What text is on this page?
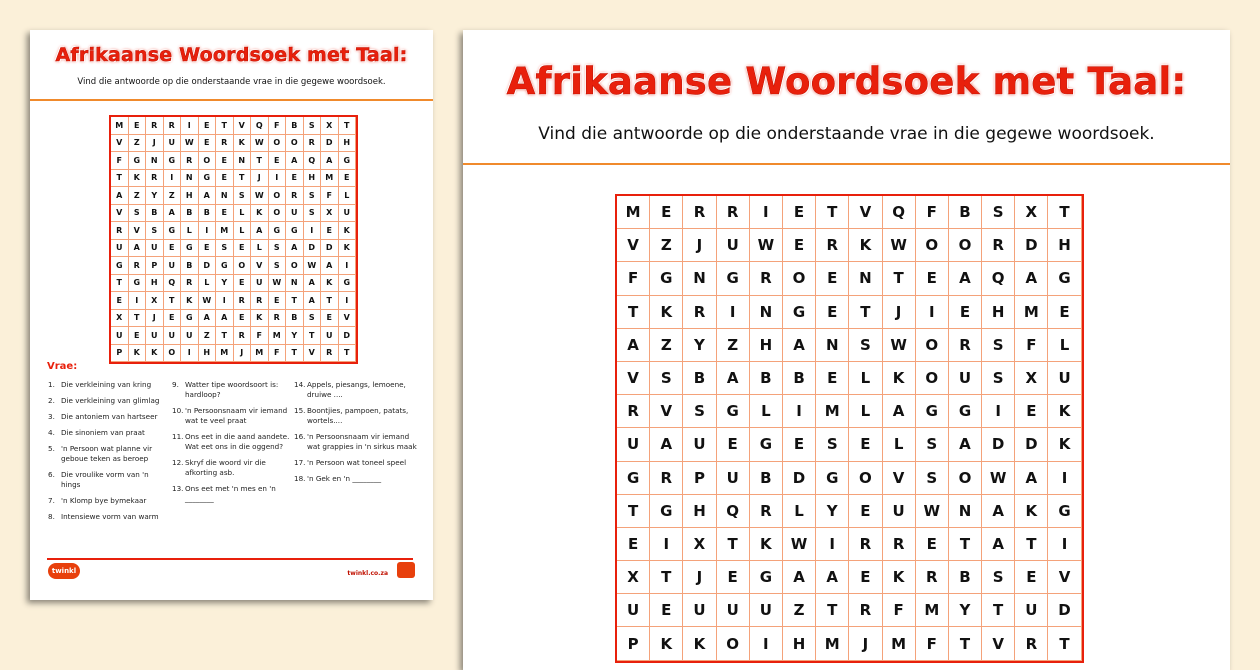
Afrikaanse Woordsoek met Taal:
Vind die antwoorde op die onderstaande vrae in die gegewe woordsoek.
M	E	R	R	I	E	T	V	Q	F	B	S	X	T
V	Z	J	U	W	E	R	K	W	O	O	R	D	H
F	G	N	G	R	O	E	N	T	E	A	Q	A	G
T	K	R	I	N	G	E	T	J	I	E	H	M	E
A	Z	Y	Z	H	A	N	S	W	O	R	S	F	L
V	S	B	A	B	B	E	L	K	O	U	S	X	U
R	V	S	G	L	I	M	L	A	G	G	I	E	K
U	A	U	E	G	E	S	E	L	S	A	D	D	K
G	R	P	U	B	D	G	O	V	S	O	W	A	I
T	G	H	Q	R	L	Y	E	U	W	N	A	K	G
E	I	X	T	K	W	I	R	R	E	T	A	T	I
X	T	J	E	G	A	A	E	K	R	B	S	E	V
U	E	U	U	U	Z	T	R	F	M	Y	T	U	D
P	K	K	O	I	H	M	J	M	F	T	V	R	T
Vrae:
1. Die verkleining van kring
2. Die verkleining van glimlag
3. Die antoniem van hartseer
4. Die sinoniem van praat
5. 'n Persoon wat planne vir geboue teken as beroep
6. Die vroulike vorm van 'n hings
7. 'n Klomp bye bymekaar
8. Intensiewe vorm van warm
9. Watter tipe woordsoort is: hardloop?
10. 'n Persoonsnaam vir iemand wat te veel praat
11. Ons eet in die aand aandete. Wat eet ons in die oggend?
12. Skryf die woord vir die afkorting asb.
13. Ons eet met 'n mes en 'n ________
14. Appels, piesangs, lemoene, druiwe ....
15. Boontjies, pampoen, patats, wortels....
16. 'n Persoonsnaam vir iemand wat grappies in 'n sirkus maak
17. 'n Persoon wat toneel speel
18. 'n Gek en 'n ________
twinkl	twinkl.co.za
Afrikaanse Woordsoek met Taal:
Vind die antwoorde op die onderstaande vrae in die gegewe woordsoek.
M	E	R	R	I	E	T	V	Q	F	B	S	X	T
V	Z	J	U	W	E	R	K	W	O	O	R	D	H
F	G	N	G	R	O	E	N	T	E	A	Q	A	G
T	K	R	I	N	G	E	T	J	I	E	H	M	E
A	Z	Y	Z	H	A	N	S	W	O	R	S	F	L
V	S	B	A	B	B	E	L	K	O	U	S	X	U
R	V	S	G	L	I	M	L	A	G	G	I	E	K
U	A	U	E	G	E	S	E	L	S	A	D	D	K
G	R	P	U	B	D	G	O	V	S	O	W	A	I
T	G	H	Q	R	L	Y	E	U	W	N	A	K	G
E	I	X	T	K	W	I	R	R	E	T	A	T	I
X	T	J	E	G	A	A	E	K	R	B	S	E	V
U	E	U	U	U	Z	T	R	F	M	Y	T	U	D
P	K	K	O	I	H	M	J	M	F	T	V	R	T
